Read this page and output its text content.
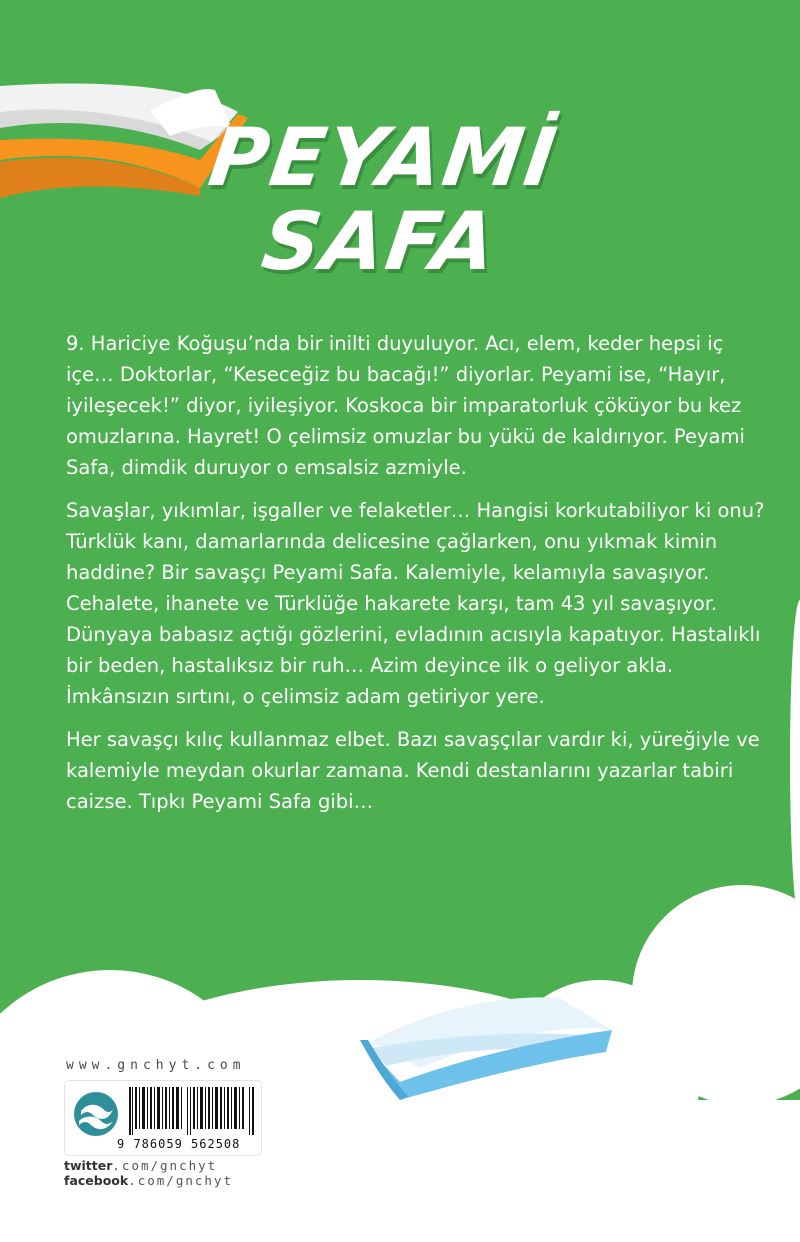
PEYAMİ
SAFA

9. Hariciye Koğuşu’nda bir inilti duyuluyor. Acı, elem, keder hepsi iç içe… Doktorlar, “Keseceğiz bu bacağı!” diyorlar. Peyami ise, “Hayır, iyileşecek!” diyor, iyileşiyor. Koskoca bir imparatorluk çöküyor bu kez omuzlarına. Hayret! O çelimsiz omuzlar bu yükü de kaldırıyor. Peyami Safa, dimdik duruyor o emsalsiz azmiyle.

Savaşlar, yıkımlar, işgaller ve felaketler… Hangisi korkutabiliyor ki onu? Türklük kanı, damarlarında delicesine çağlarken, onu yıkmak kimin haddine? Bir savaşçı Peyami Safa. Kalemiyle, kelamıyla savaşıyor. Cehalete, ihanete ve Türklüğe hakarete karşı, tam 43 yıl savaşıyor.

Dünyaya babasız açtığı gözlerini, evladının acısıyla kapatıyor. Hastalıklı bir beden, hastalıksız bir ruh… Azim deyince ilk o geliyor akla. İmkânsızın sırtını, o çelimsiz adam getiriyor yere.

Her savaşçı kılıç kullanmaz elbet. Bazı savaşçılar vardır ki, yüreğiyle ve kalemiyle meydan okurlar zamana. Kendi destanlarını yazarlar tabiri caizse. Tıpkı Peyami Safa gibi…

www.gnchyt.com
9 786059 562508
twitter.com/gnchyt
facebook.com/gnchyt
